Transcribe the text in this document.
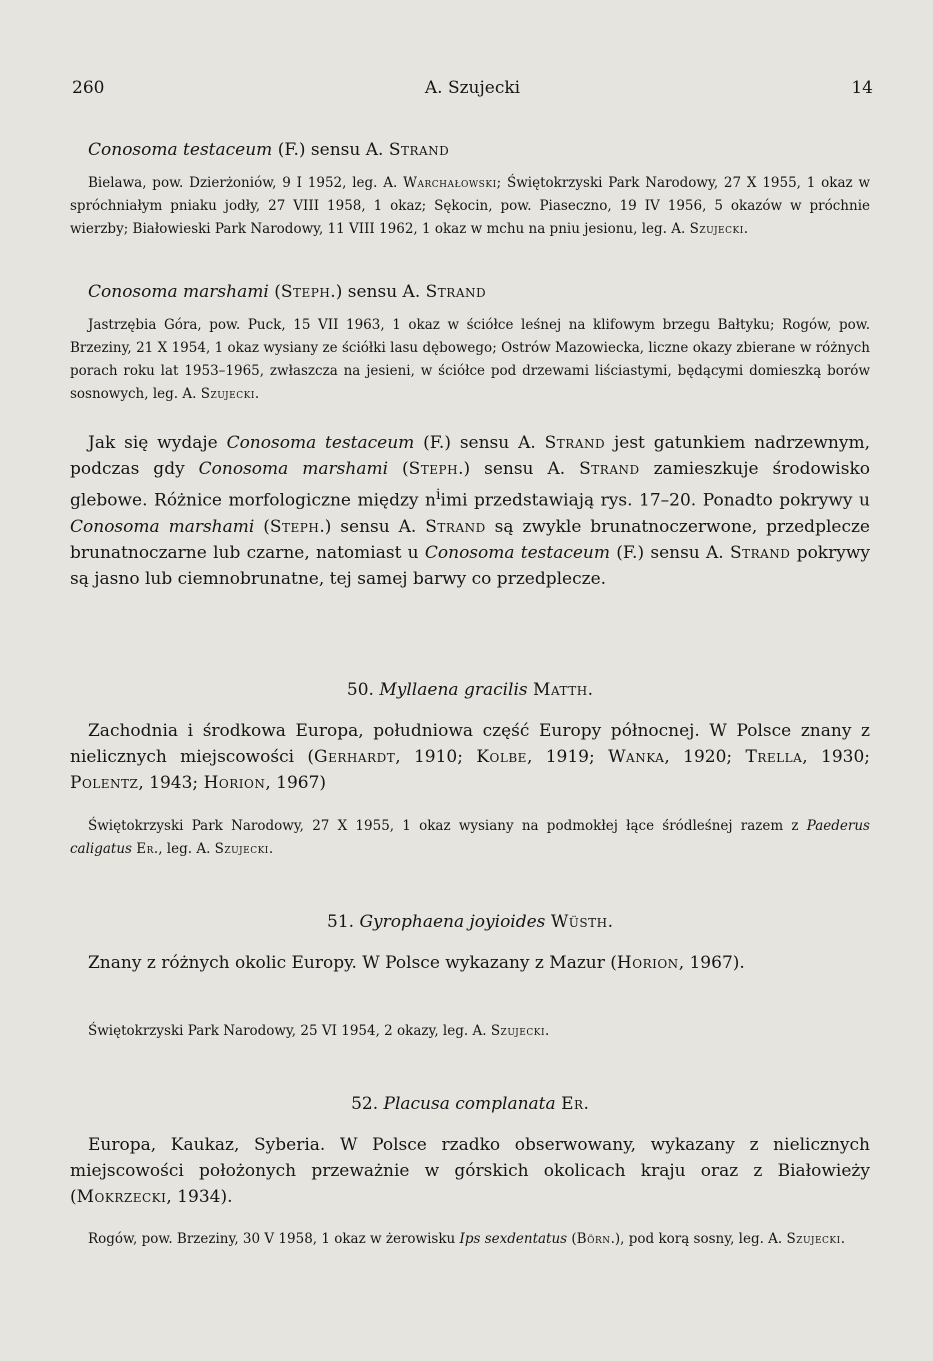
260	A. Szujecki	14
Conosoma testaceum (F.) sensu A. Strand

Bielawa, pow. Dzierżoniów, 9 I 1952, leg. A. Warchałowski; Świętokrzyski Park Narodowy, 27 X 1955, 1 okaz w spróchniałym pniaku jodły, 27 VIII 1958, 1 okaz; Sękocin, pow. Piaseczno, 19 IV 1956, 5 okazów w próchnie wierzby; Białowieski Park Narodowy, 11 VIII 1962, 1 okaz w mchu na pniu jesionu, leg. A. Szujecki.

Conosoma marshami (Steph.) sensu A. Strand

Jastrzębia Góra, pow. Puck, 15 VII 1963, 1 okaz w ściółce leśnej na klifowym brzegu Bałtyku; Rogów, pow. Brzeziny, 21 X 1954, 1 okaz wysiany ze ściółki lasu dębowego; Ostrów Mazowiecka, liczne okazy zbierane w różnych porach roku lat 1953–1965, zwłaszcza na jesieni, w ściółce pod drzewami liściastymi, będącymi domieszką borów sosnowych, leg. A. Szujecki.

Jak się wydaje Conosoma testaceum (F.) sensu A. Strand jest gatunkiem nadrzewnym, podczas gdy Conosoma marshami (Steph.) sensu A. Strand zamieszkuje środowisko glebowe. Różnice morfologiczne między $n^iimi$ przedstawiają rys. 17–20. Ponadto pokrywy u Conosoma marshami (Steph.) sensu A. Strand są zwykle brunatnoczerwone, przedplecze brunatnoczarne lub czarne, natomiast u Conosoma testaceum (F.) sensu A. Strand pokrywy są jasno lub ciemnobrunatne, tej samej barwy co przedplecze.

50. Myllaena gracilis Matth.

Zachodnia i środkowa Europa, południowa część Europy północnej. W Polsce znany z nielicznych miejscowości (Gerhardt, 1910; Kolbe, 1919; Wanka, 1920; Trella, 1930; Polentz, 1943; Horion, 1967)

Świętokrzyski Park Narodowy, 27 X 1955, 1 okaz wysiany na podmokłej łące śródleśnej razem z Paederus caligatus Er., leg. A. Szujecki.

51. Gyrophaena joyioides Wüsth.

Znany z różnych okolic Europy. W Polsce wykazany z Mazur (Horion, 1967).

Świętokrzyski Park Narodowy, 25 VI 1954, 2 okazy, leg. A. Szujecki.

52. Placusa complanata Er.

Europa, Kaukaz, Syberia. W Polsce rzadko obserwowany, wykazany z nielicznych miejscowości położonych przeważnie w górskich okolicach kraju oraz z Białowieży (Mokrzecki, 1934).

Rogów, pow. Brzeziny, 30 V 1958, 1 okaz w żerowisku Ips sexdentatus (Börn.), pod korą sosny, leg. A. Szujecki.
